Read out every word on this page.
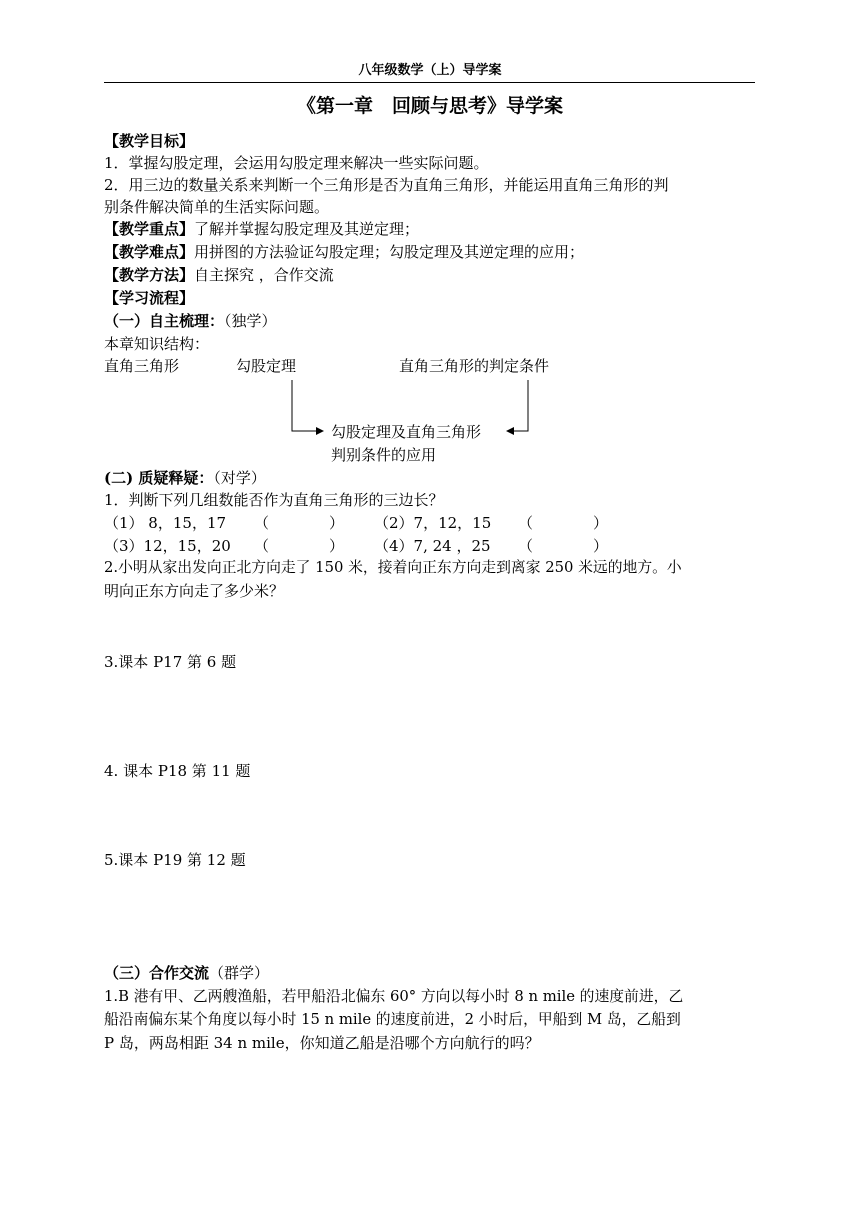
八年级数学（上）导学案
《第一章　回顾与思考》导学案
【教学目标】
1．掌握勾股定理，会运用勾股定理来解决一些实际问题。
2．用三边的数量关系来判断一个三角形是否为直角三角形，并能运用直角三角形的判
别条件解决简单的生活实际问题。
【教学重点】了解并掌握勾股定理及其逆定理；
【教学难点】用拼图的方法验证勾股定理；勾股定理及其逆定理的应用；
【教学方法】自主探究 ，合作交流
【学习流程】
（一）自主梳理：（独学）
本章知识结构：
直角三角形	勾股定理	直角三角形的判定条件
勾股定理及直角三角形
判别条件的应用
(二) 质疑释疑：（对学）
1．判断下列几组数能否作为直角三角形的三边长？
（1） 8，15，17 （　　　　） （2）7，12，15 （　　　　）
（3）12，15，20 （　　　　） （4）7, 24 ，25 （　　　　）
2.小明从家出发向正北方向走了 150 米，接着向正东方向走到离家 250 米远的地方。小
明向正东方向走了多少米？
3.课本 P17 第 6 题
4. 课本 P18 第 11 题
5.课本 P19 第 12 题
（三）合作交流（群学）
1.B 港有甲、乙两艘渔船，若甲船沿北偏东 60° 方向以每小时 8 n mile 的速度前进，乙
船沿南偏东某个角度以每小时 15 n mile 的速度前进，2 小时后，甲船到 M 岛，乙船到
P 岛，两岛相距 34 n mile，你知道乙船是沿哪个方向航行的吗？
